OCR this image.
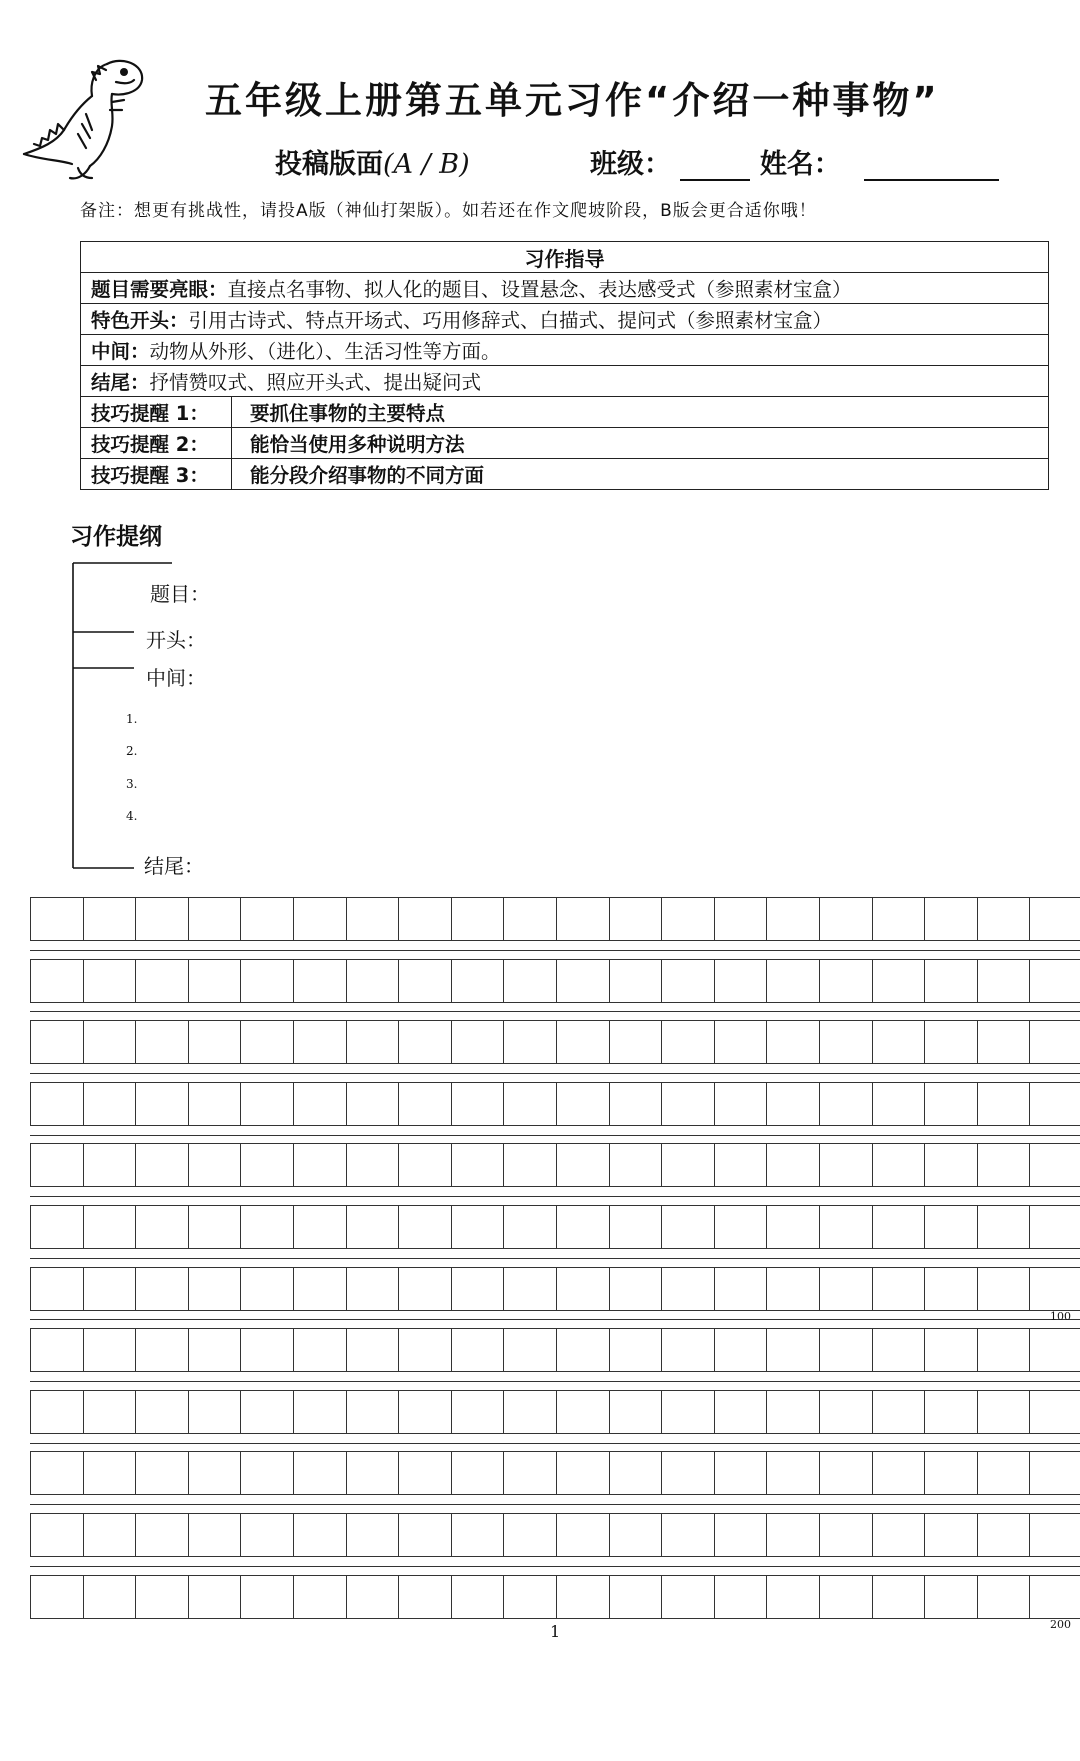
五年级上册第五单元习作“介绍一种事物”
投稿版面(A / B)	班级：	姓名：
备注：想更有挑战性，请投A版（神仙打架版）。如若还在作文爬坡阶段，B版会更合适你哦！
习作指导	
题目需要亮眼：直接点名事物、拟人化的题目、设置悬念、表达感受式（参照素材宝盒）	
特色开头：引用古诗式、特点开场式、巧用修辞式、白描式、提问式（参照素材宝盒）	
中间：动物从外形、（进化）、生活习性等方面。	
结尾：抒情赞叹式、照应开头式、提出疑问式	
技巧提醒 1：	要抓住事物的主要特点
技巧提醒 2：	能恰当使用多种说明方法
技巧提醒 3：	能分段介绍事物的不同方面
习作提纲
题目：
开头：
中间：
1.
2.
3.
4.
结尾：
100
200
1
